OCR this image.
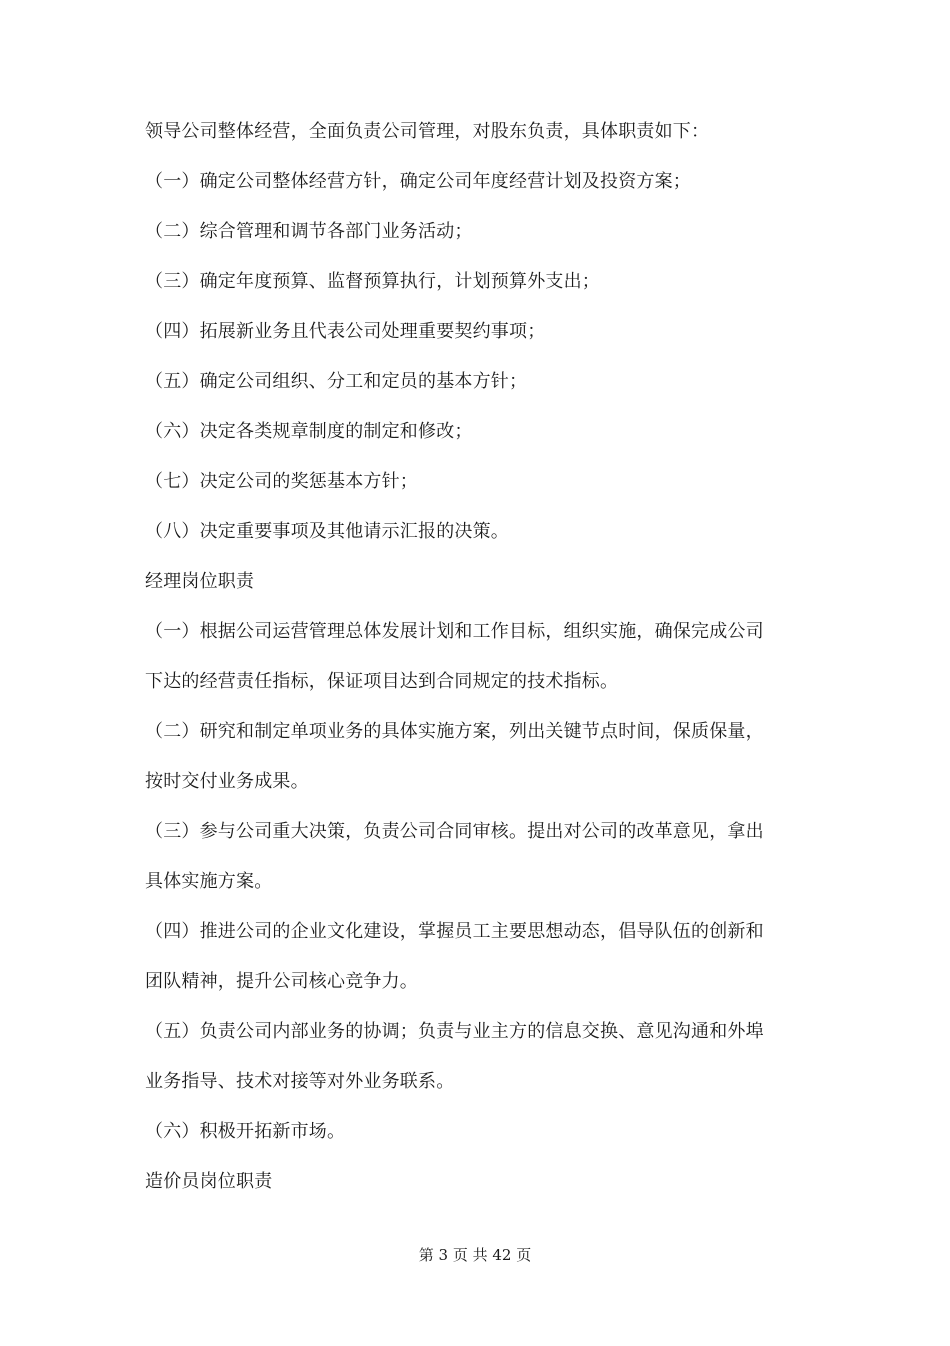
领导公司整体经营，全面负责公司管理，对股东负责，具体职责如下：
（一）确定公司整体经营方针，确定公司年度经营计划及投资方案；
（二）综合管理和调节各部门业务活动；
（三）确定年度预算、监督预算执行，计划预算外支出；
（四）拓展新业务且代表公司处理重要契约事项；
（五）确定公司组织、分工和定员的基本方针；
（六）决定各类规章制度的制定和修改；
（七）决定公司的奖惩基本方针；
（八）决定重要事项及其他请示汇报的决策。
经理岗位职责
（一）根据公司运营管理总体发展计划和工作目标，组织实施，确保完成公司
下达的经营责任指标，保证项目达到合同规定的技术指标。
（二）研究和制定单项业务的具体实施方案，列出关键节点时间，保质保量，
按时交付业务成果。
（三）参与公司重大决策，负责公司合同审核。提出对公司的改革意见，拿出
具体实施方案。
（四）推进公司的企业文化建设，掌握员工主要思想动态，倡导队伍的创新和
团队精神，提升公司核心竞争力。
（五）负责公司内部业务的协调；负责与业主方的信息交换、意见沟通和外埠
业务指导、技术对接等对外业务联系。
（六）积极开拓新市场。
造价员岗位职责
第 3 页 共 42 页
